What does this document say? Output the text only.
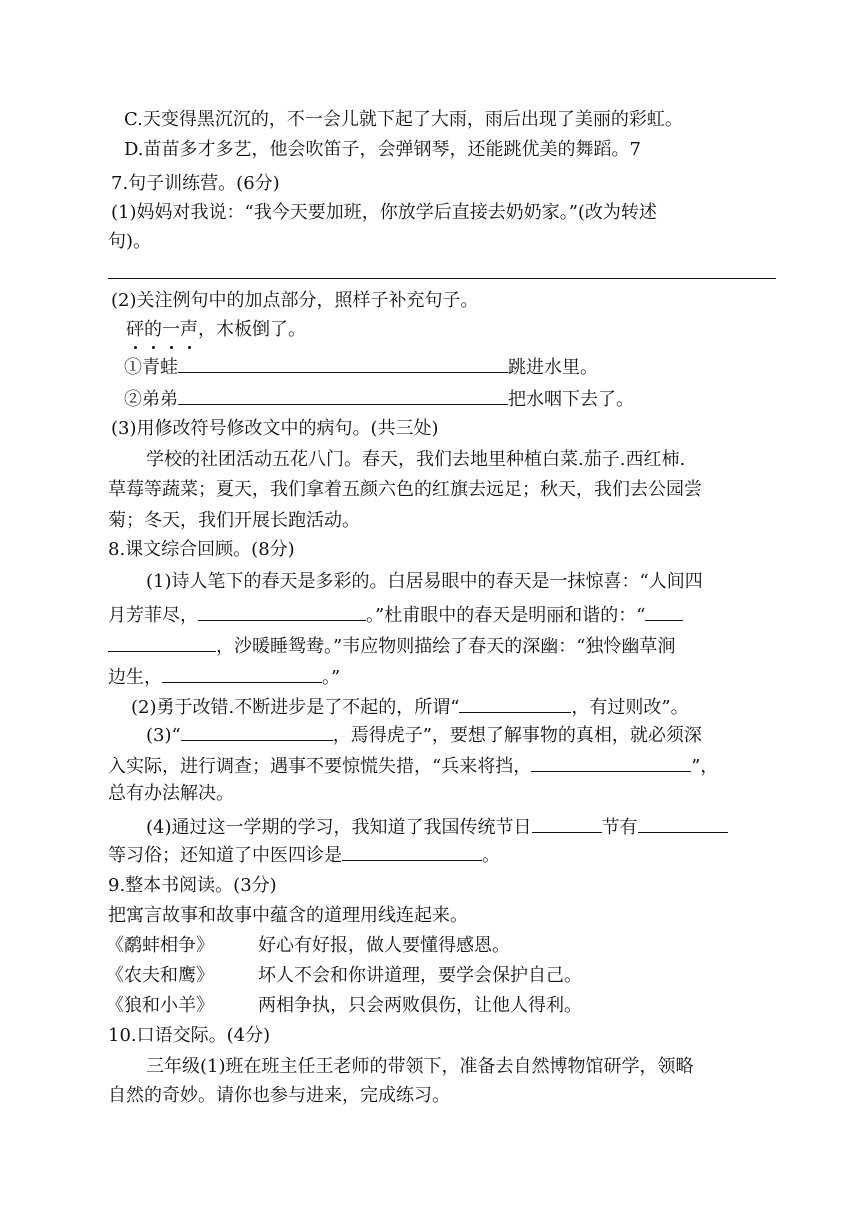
C.天变得黑沉沉的，不一会儿就下起了大雨，雨后出现了美丽的彩虹。
D.苗苗多才多艺，他会吹笛子，会弹钢琴，还能跳优美的舞蹈。7
7.句子训练营。(6分)
(1)妈妈对我说：“我今天要加班，你放学后直接去奶奶家。”(改为转述
句)。
(2)关注例句中的加点部分，照样子补充句子。
砰的一声，木板倒了。
①青蛙	跳进水里。
②弟弟	把水咽下去了。
(3)用修改符号修改文中的病句。(共三处)
学校的社团活动五花八门。春天，我们去地里种植白菜.茄子.西红柿.
草莓等蔬菜；夏天，我们拿着五颜六色的红旗去远足；秋天，我们去公园尝
菊；冬天，我们开展长跑活动。
8.课文综合回顾。(8分)
(1)诗人笔下的春天是多彩的。白居易眼中的春天是一抹惊喜：“人间四
月芳菲尽，	。”杜甫眼中的春天是明丽和谐的：“
，沙暖睡鸳鸯。”韦应物则描绘了春天的深幽：“独怜幽草涧
边生，	。”
(2)勇于改错.不断进步是了不起的，所谓“	，有过则改”。
(3)“	，焉得虎子”，要想了解事物的真相，就必须深
入实际，进行调查；遇事不要惊慌失措，“兵来将挡，	”，
总有办法解决。
(4)通过这一学期的学习，我知道了我国传统节日	节有
等习俗；还知道了中医四诊是	。
9.整本书阅读。(3分)
把寓言故事和故事中蕴含的道理用线连起来。
《鹬蚌相争》 好心有好报，做人要懂得感恩。
《农夫和鹰》 坏人不会和你讲道理，要学会保护自己。
《狼和小羊》 两相争执，只会两败俱伤，让他人得利。
10.口语交际。(4分)
三年级(1)班在班主任王老师的带领下，准备去自然博物馆研学，领略
自然的奇妙。请你也参与进来，完成练习。
